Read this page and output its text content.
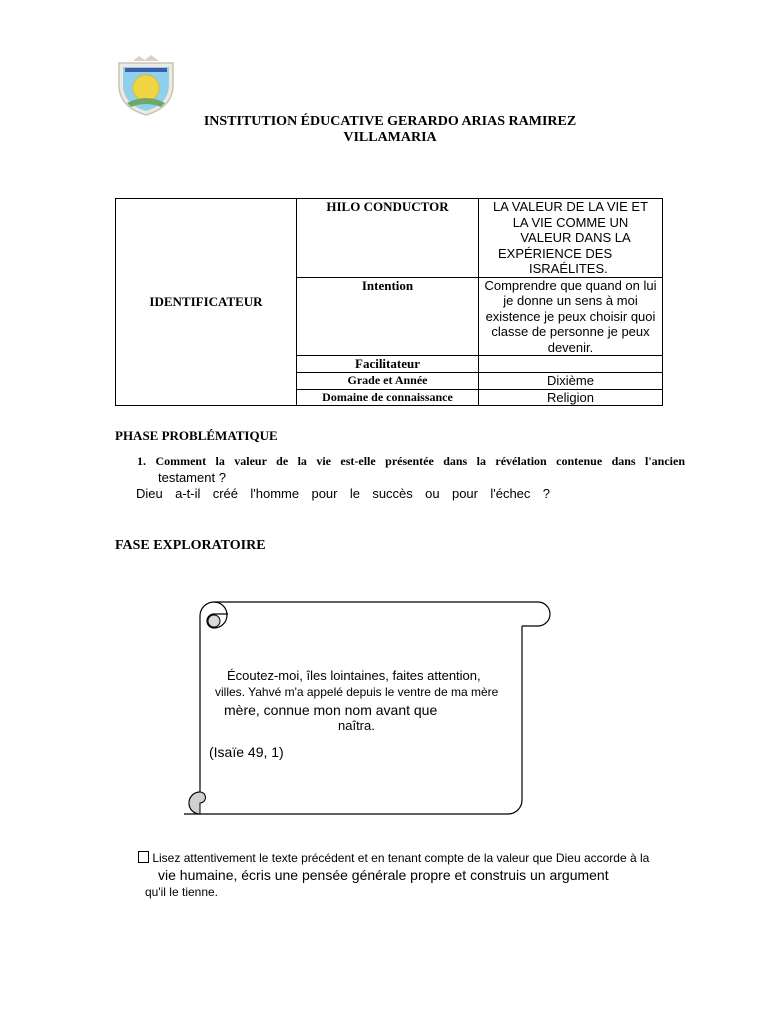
INSTITUTION ÉDUCATIVE GERARDO ARIAS RAMIREZ
VILLAMARIA
IDENTIFICATEUR	HILO CONDUCTOR	LA VALEUR DE LA VIE ET
LA VIE COMME UN
VALEUR DANS LA
EXPÉRIENCE DES
ISRAÉLITES.

	Intention	Comprendre que quand on lui
je donne un sens à moi
existence je peux choisir quoi
classe de personne je peux
devenir.

	Facilitateur	
	Grade et Année	Dixième
	Domaine de connaissance	Religion
PHASE PROBLÉMATIQUE
1. Comment la valeur de la vie est-elle présentée dans la révélation contenue dans l'ancien
testament ?
Dieu a-t-il créé l'homme pour le succès ou pour l'échec ?
FASE EXPLORATOIRE
Écoutez-moi, îles lointaines, faites attention,
villes. Yahvé m'a appelé depuis le ventre de ma mère
mère, connue mon nom avant que
naîtra.
(Isaïe 49, 1)
Lisez attentivement le texte précédent et en tenant compte de la valeur que Dieu accorde à la
vie humaine, écris une pensée générale propre et construis un argument
qu'il le tienne.
